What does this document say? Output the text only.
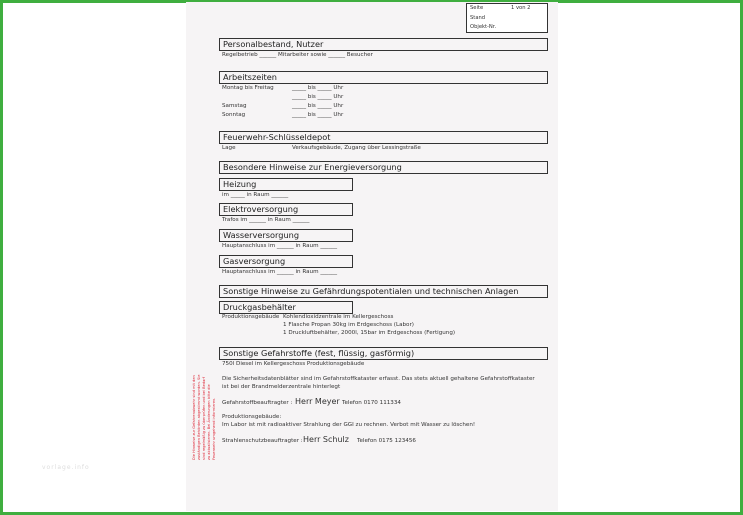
Seite	1 von 2
Stand
Objekt-Nr.
Personalbestand, Nutzer
Regelbetrieb ______ Mitarbeiter sowie ______ Besucher
Arbeitszeiten
Montag bis Freitag	_____ bis _____ Uhr
_____ bis _____ Uhr
Samstag	_____ bis _____ Uhr
Sonntag	_____ bis _____ Uhr
Feuerwehr-Schlüsseldepot
Lage	Verkaufsgebäude, Zugang über Lessingstraße
Besondere Hinweise zur Energieversorgung
Heizung
im _____ in Raum ______
Elektroversorgung
Trafos im ______ in Raum ______
Wasserversorgung
Hauptanschluss im ______ in Raum ______
Gasversorgung
Hauptanschluss im ______ in Raum ______
Sonstige Hinweise zu Gefährdungspotentialen und technischen Anlagen
Druckgasbehälter
Produktionsgebäude Kohlendioxidzentrale im Kellergeschoss
1 Flasche Propan 30kg im Erdgeschoss (Labor)
1 Druckluftbehälter, 2000l, 15bar im Erdgeschoss (Fertigung)
Sonstige Gefahrstoffe (fest, flüssig, gasförmig)
750l Diesel im Kellergeschoss Produktionsgebäude
Die Sicherheitsdatenblätter sind im Gefahrstoffkataster erfasst. Das stets aktuell gehaltene Gefahrstoffkataster
ist bei der Brandmelderzentrale hinterlegt
Gefahrstoffbeauftragter : Herr Meyer Telefon 0170 111334
Produktionsgebäude:
Im Labor ist mit radioaktiver Strahlung der GGI zu rechnen. Verbot mit Wasser zu löschen!
Strahlenschutzbeauftragter : Herr Schulz Telefon 0175 123456
Die Hinweise zur Gefahrenabwehr sind mit den zuständigen Behörden abgestimmt worden. Sie sind regelmäßig zu überprüfen und bei Bedarf zu aktualisieren. Bei Änderungen bitte die Feuerwehr umgehend informieren.
vorlage.info
